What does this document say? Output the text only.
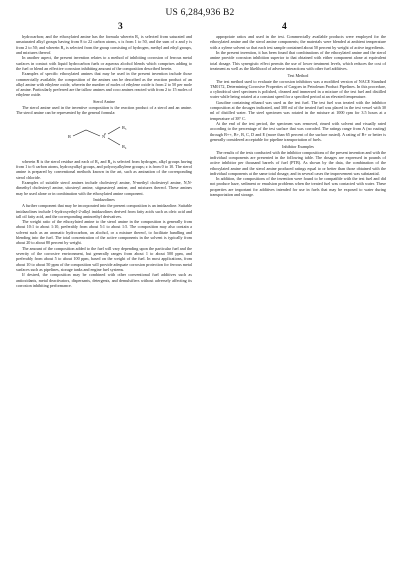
US 6,284,936 B2
3	4

hydrocarbon; and the ethoxylated amine has the formula wherein R₁ is selected from saturated and unsaturated alkyl groups having from 8 to 22 carbon atoms, x is from 1 to 50, and the sum of x and y is from 2 to 50; and wherein R₂ is selected from the group consisting of hydrogen, methyl and ethyl groups, and mixtures thereof.

In another aspect, the present invention relates to a method of inhibiting corrosion of ferrous metal surfaces in contact with liquid hydrocarbon fuels or aqueous alcohol blends which comprises adding to the fuel or blend an effective corrosion inhibiting amount of the composition described herein.

Examples of specific ethoxylated amines that may be used in the present invention include those commercially available; the composition of the amines can be described as the reaction product of an alkyl amine with ethylene oxide, wherein the number of moles of ethylene oxide is from 2 to 50 per mole of amine. Particularly preferred are the tallow amines and coco amines reacted with from 2 to 15 moles of ethylene oxide.

Sterol Amine

The sterol amine used in the inventive composition is the reaction product of a sterol and an amine. The sterol amine can be represented by the general formula:

R	N
z
R₃
R₄

wherein R is the sterol residue and each of R₃ and R₄ is selected from hydrogen, alkyl groups having from 1 to 6 carbon atoms, hydroxyalkyl groups, and polyoxyalkylene groups; z is from 0 to 10. The sterol amine is prepared by conventional methods known in the art, such as amination of the corresponding sterol chloride.

Examples of suitable sterol amines include cholesteryl amine, N-methyl cholesteryl amine, N,N-dimethyl cholesteryl amine, sitosteryl amine, stigmasteryl amine, and mixtures thereof. These amines may be used alone or in combination with the ethoxylated amine component.

Imidazolines

A further component that may be incorporated into the present composition is an imidazoline. Suitable imidazolines include 1-hydroxyethyl-2-alkyl imidazolines derived from fatty acids such as oleic acid and tall oil fatty acid, and the corresponding aminoethyl derivatives.

The weight ratio of the ethoxylated amine to the sterol amine in the composition is generally from about 10:1 to about 1:10, preferably from about 5:1 to about 1:5. The composition may also contain a solvent such as an aromatic hydrocarbon, an alcohol, or a mixture thereof, to facilitate handling and blending into the fuel. The total concentration of the active components in the solvent is typically from about 20 to about 80 percent by weight.

The amount of the composition added to the fuel will vary depending upon the particular fuel and the severity of the corrosive environment, but generally ranges from about 1 to about 500 ppm, and preferably from about 5 to about 100 ppm, based on the weight of the fuel. In most applications, from about 10 to about 50 ppm of the composition will provide adequate corrosion protection for ferrous metal surfaces such as pipelines, storage tanks and engine fuel systems.

If desired, the composition may be combined with other conventional fuel additives such as antioxidants, metal deactivators, dispersants, detergents, and demulsifiers without adversely affecting its corrosion inhibiting performance.

appropriate ratios and used in the test. Commercially available products were employed for the ethoxylated amine and the sterol amine components; the materials were blended at ambient temperature with a xylene solvent so that each test sample contained about 50 percent by weight of active ingredients.

In the present invention, it has been found that combinations of the ethoxylated amine and the sterol amine provide corrosion inhibition superior to that obtained with either component alone at equivalent total dosage. This synergistic effect permits the use of lower treatment levels, which reduces the cost of treatment as well as the likelihood of adverse interactions with other fuel additives.

Test Method

The test method used to evaluate the corrosion inhibitors was a modified version of NACE Standard TM0172, Determining Corrosive Properties of Cargoes in Petroleum Product Pipelines. In this procedure, a cylindrical steel specimen is polished, cleaned and immersed in a mixture of the test fuel and distilled water while being rotated at a constant speed for a specified period at an elevated temperature.

Gasoline containing ethanol was used as the test fuel. The test fuel was treated with the inhibitor composition at the dosages indicated, and 300 ml of the treated fuel was placed in the test vessel with 30 ml of distilled water. The steel specimen was rotated in the mixture at 1000 rpm for 3.5 hours at a temperature of 38° C.

At the end of the test period, the specimen was removed, rinsed with solvent and visually rated according to the percentage of the test surface that was corroded. The ratings range from A (no rusting) through B++, B+, B, C, D and E (more than 65 percent of the surface rusted). A rating of B+ or better is generally considered acceptable for pipeline transportation of fuels.

Inhibitor Examples

The results of the tests conducted with the inhibitor compositions of the present invention and with the individual components are presented in the following table. The dosages are expressed in pounds of active inhibitor per thousand barrels of fuel (PTB). As shown by the data, the combination of the ethoxylated amine and the sterol amine produced ratings equal to or better than those obtained with the individual components at the same total dosage, and in several cases the improvement was substantial.

In addition, the compositions of the invention were found to be compatible with the test fuel and did not produce haze, sediment or emulsion problems when the treated fuel was contacted with water. These properties are important for additives intended for use in fuels that may be exposed to water during transportation and storage.
